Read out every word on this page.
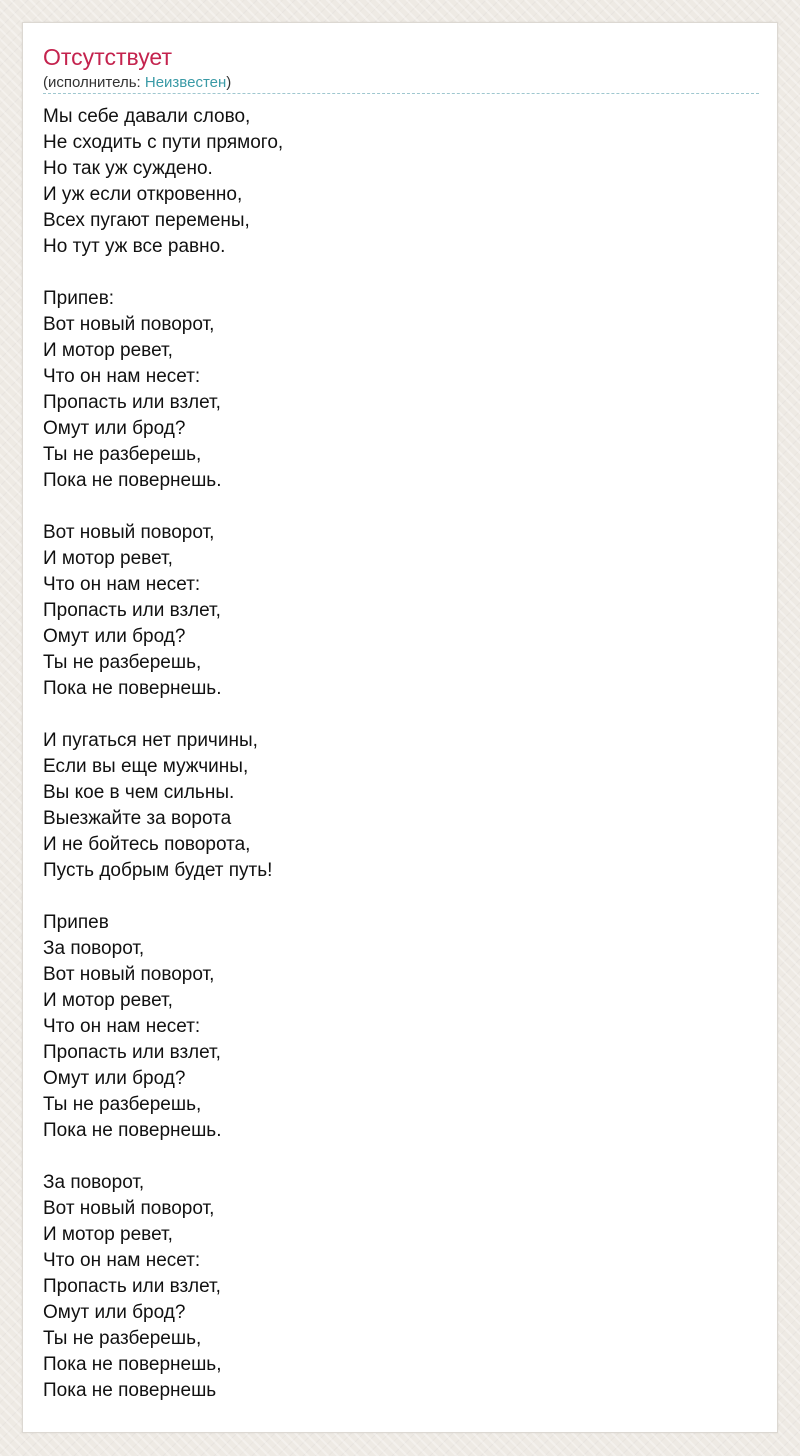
Отсутствует
(исполнитель: Неизвестен)
Мы себе давали слово,
Не сходить с пути прямого,
Но так уж суждено.
И уж если откровенно,
Всех пугают перемены,
Но тут уж все равно.
Припев:
Вот новый поворот,
И мотор ревет,
Что он нам несет:
Пропасть или взлет,
Омут или брод?
Ты не разберешь,
Пока не повернешь.
Вот новый поворот,
И мотор ревет,
Что он нам несет:
Пропасть или взлет,
Омут или брод?
Ты не разберешь,
Пока не повернешь.
И пугаться нет причины,
Если вы еще мужчины,
Вы кое в чем сильны.
Выезжайте за ворота
И не бойтесь поворота,
Пусть добрым будет путь!
Припев
За поворот,
Вот новый поворот,
И мотор ревет,
Что он нам несет:
Пропасть или взлет,
Омут или брод?
Ты не разберешь,
Пока не повернешь.
За поворот,
Вот новый поворот,
И мотор ревет,
Что он нам несет:
Пропасть или взлет,
Омут или брод?
Ты не разберешь,
Пока не повернешь,
Пока не повернешь
